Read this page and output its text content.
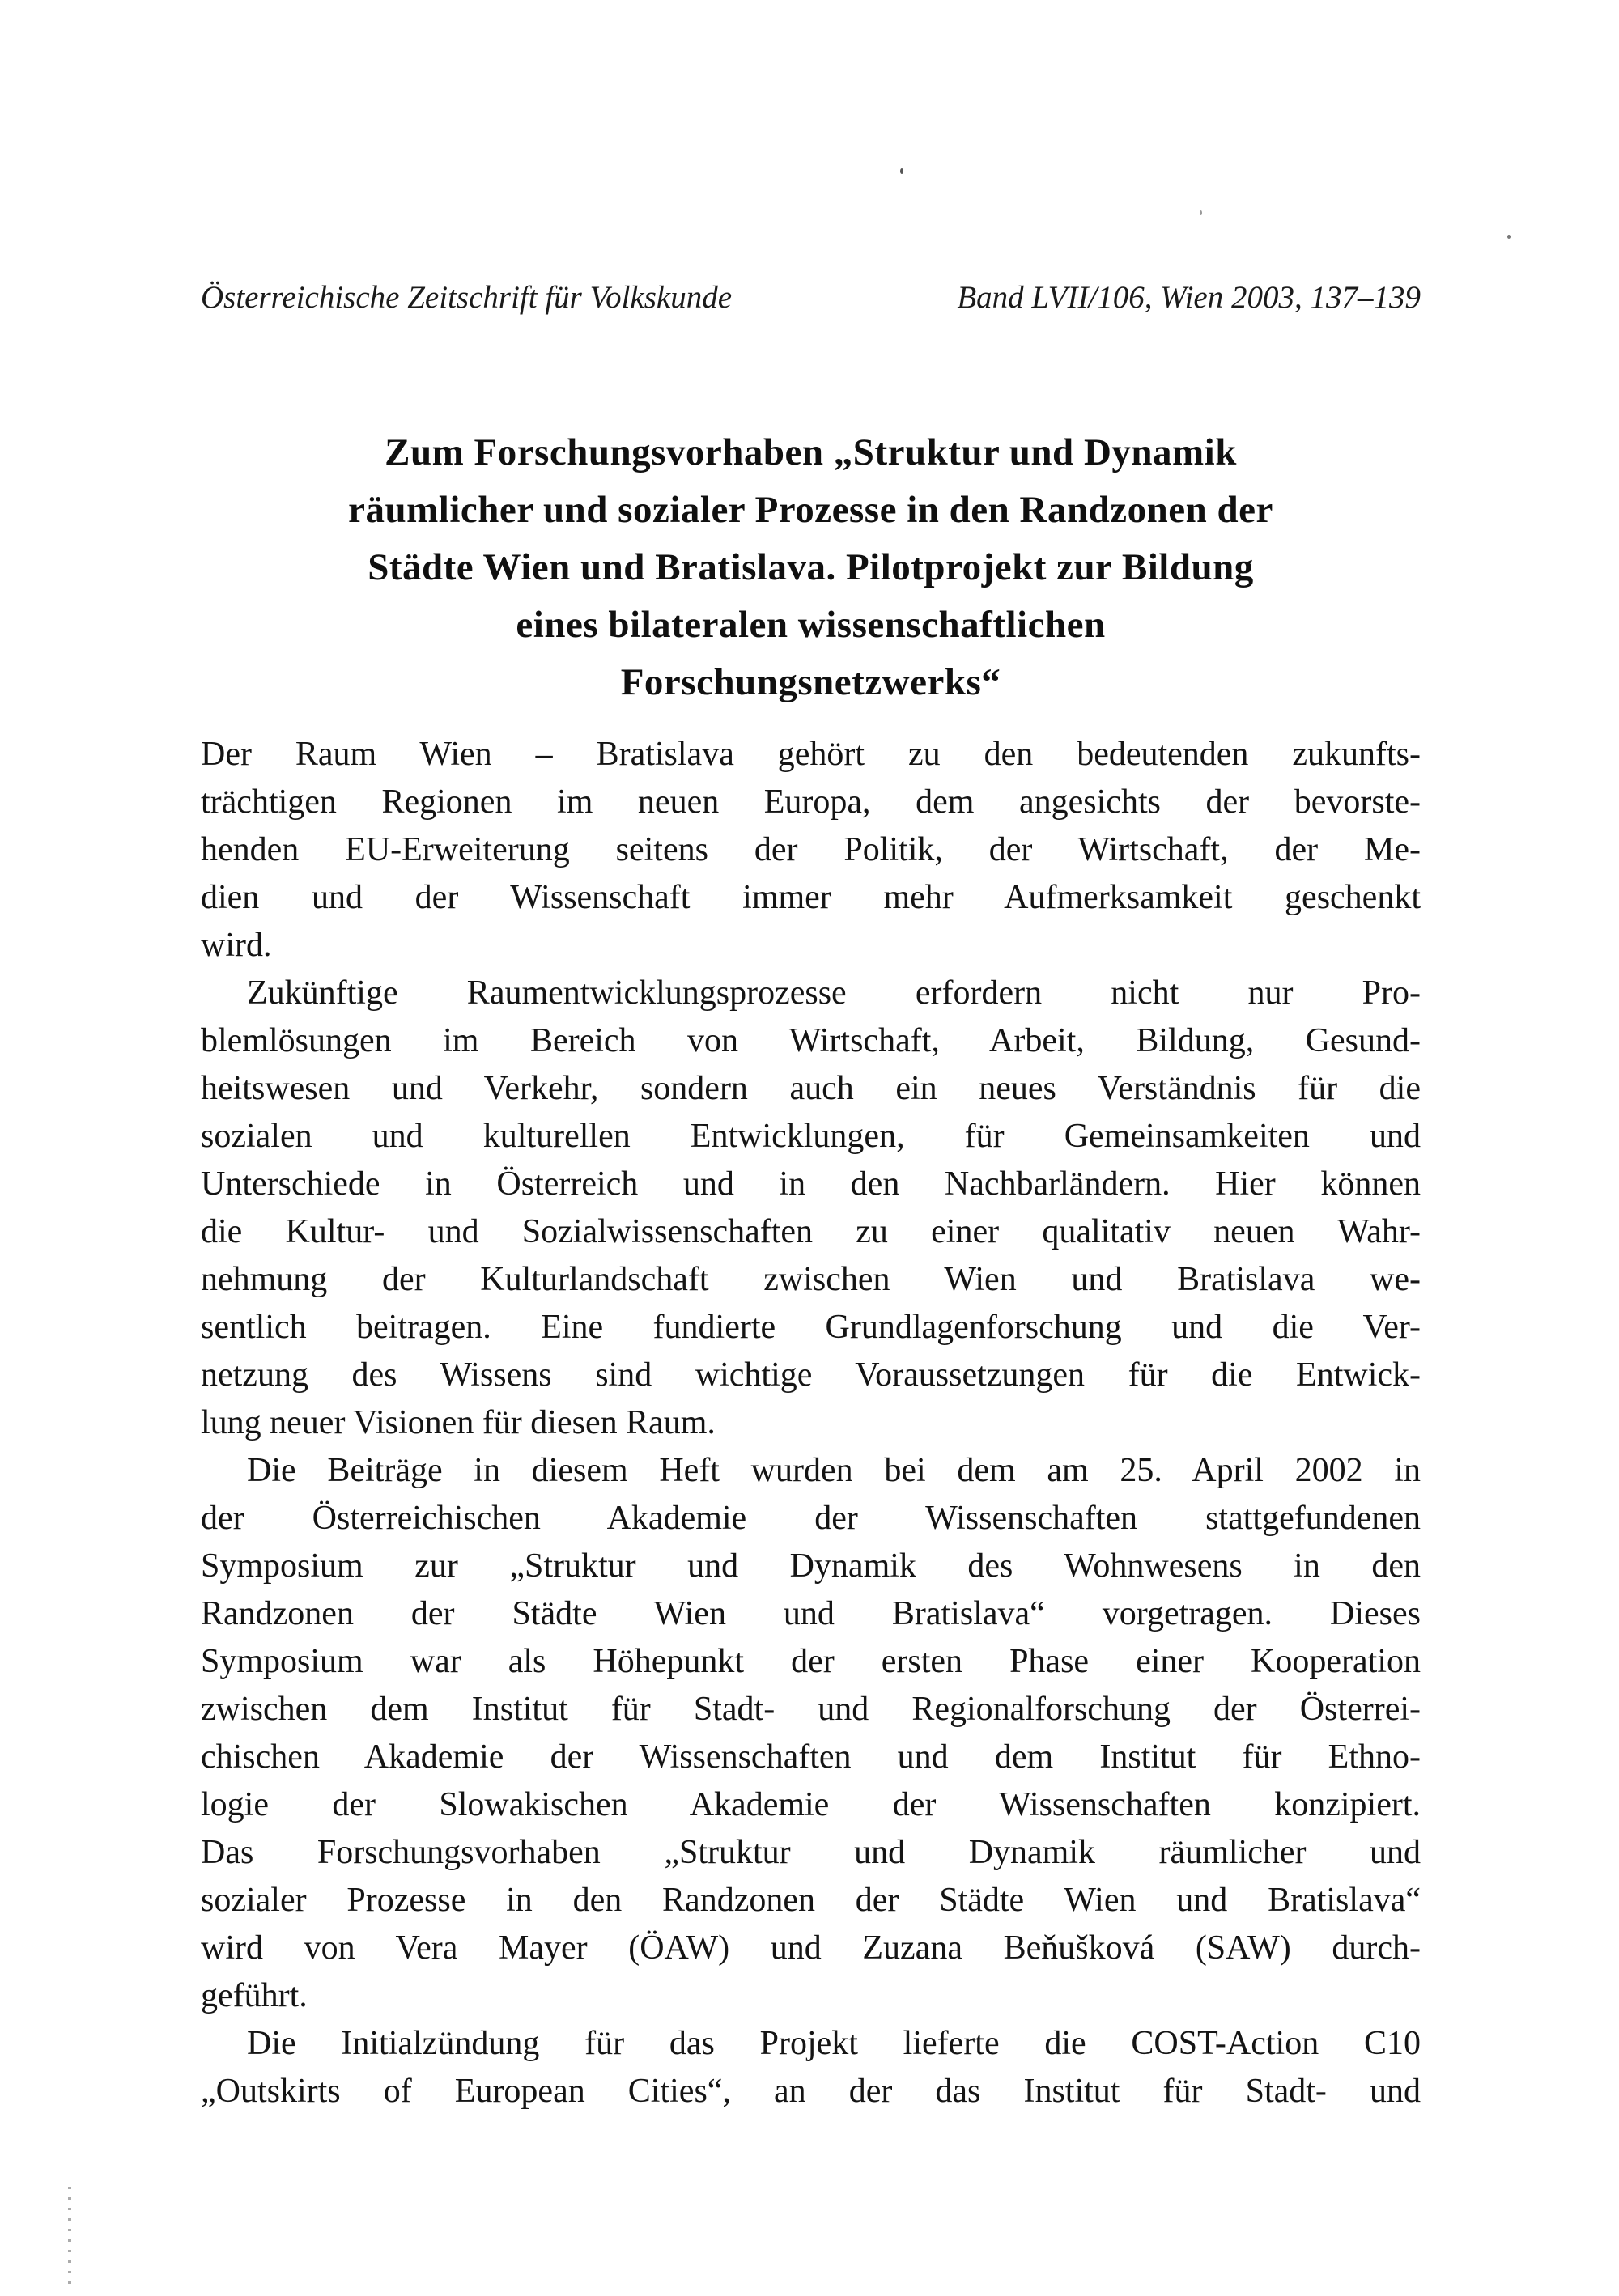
Österreichische Zeitschrift für Volkskunde	Band LVII/106, Wien 2003, 137–139
Zum Forschungsvorhaben „Struktur und Dynamik
räumlicher und sozialer Prozesse in den Randzonen der
Städte Wien und Bratislava. Pilotprojekt zur Bildung
eines bilateralen wissenschaftlichen
Forschungsnetzwerks“
Der Raum Wien – Bratislava gehört zu den bedeutenden zukunfts-
trächtigen Regionen im neuen Europa, dem angesichts der bevorste-
henden EU-Erweiterung seitens der Politik, der Wirtschaft, der Me-
dien und der Wissenschaft immer mehr Aufmerksamkeit geschenkt
wird.
Zukünftige Raumentwicklungsprozesse erfordern nicht nur Pro-
blemlösungen im Bereich von Wirtschaft, Arbeit, Bildung, Gesund-
heitswesen und Verkehr, sondern auch ein neues Verständnis für die
sozialen und kulturellen Entwicklungen, für Gemeinsamkeiten und
Unterschiede in Österreich und in den Nachbarländern. Hier können
die Kultur- und Sozialwissenschaften zu einer qualitativ neuen Wahr-
nehmung der Kulturlandschaft zwischen Wien und Bratislava we-
sentlich beitragen. Eine fundierte Grundlagenforschung und die Ver-
netzung des Wissens sind wichtige Voraussetzungen für die Entwick-
lung neuer Visionen für diesen Raum.
Die Beiträge in diesem Heft wurden bei dem am 25. April 2002 in
der Österreichischen Akademie der Wissenschaften stattgefundenen
Symposium zur „Struktur und Dynamik des Wohnwesens in den
Randzonen der Städte Wien und Bratislava“ vorgetragen. Dieses
Symposium war als Höhepunkt der ersten Phase einer Kooperation
zwischen dem Institut für Stadt- und Regionalforschung der Österrei-
chischen Akademie der Wissenschaften und dem Institut für Ethno-
logie der Slowakischen Akademie der Wissenschaften konzipiert.
Das Forschungsvorhaben „Struktur und Dynamik räumlicher und
sozialer Prozesse in den Randzonen der Städte Wien und Bratislava“
wird von Vera Mayer (ÖAW) und Zuzana Beňušková (SAW) durch-
geführt.
Die Initialzündung für das Projekt lieferte die COST-Action C10
„Outskirts of European Cities“, an der das Institut für Stadt- und
